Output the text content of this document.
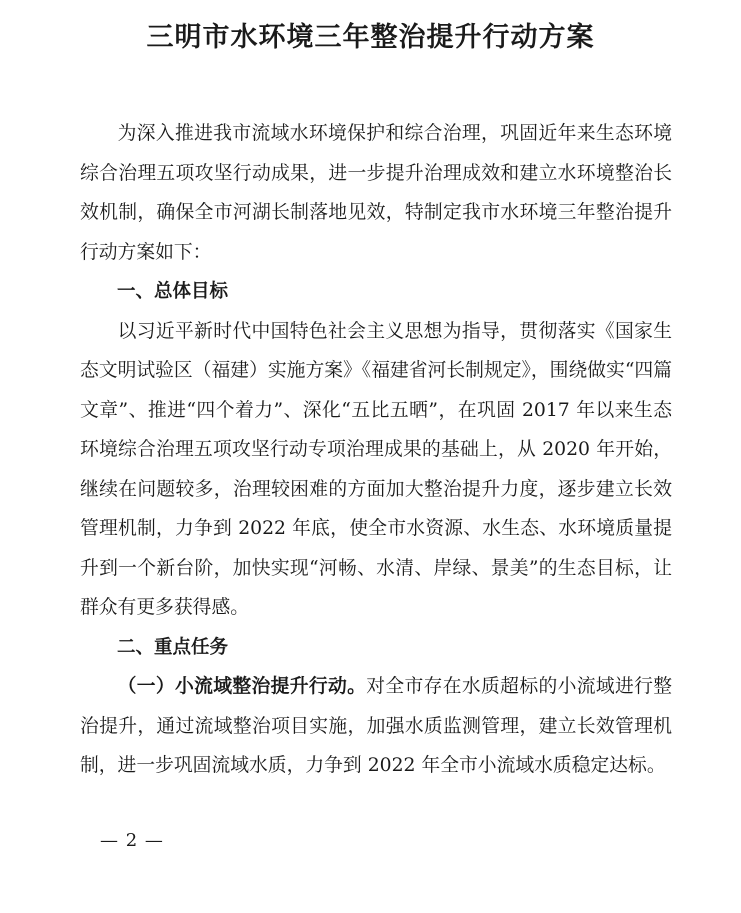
三明市水环境三年整治提升行动方案

为深入推进我市流域水环境保护和综合治理，巩固近年来生态环境综合治理五项攻坚行动成果，进一步提升治理成效和建立水环境整治长效机制，确保全市河湖长制落地见效，特制定我市水环境三年整治提升行动方案如下：

一、总体目标

以习近平新时代中国特色社会主义思想为指导，贯彻落实《国家生态文明试验区（福建）实施方案》《福建省河长制规定》，围绕做实“四篇文章”、推进“四个着力”、深化“五比五晒”，在巩固 2017 年以来生态环境综合治理五项攻坚行动专项治理成果的基础上，从 2020 年开始，继续在问题较多，治理较困难的方面加大整治提升力度，逐步建立长效管理机制，力争到 2022 年底，使全市水资源、水生态、水环境质量提升到一个新台阶，加快实现“河畅、水清、岸绿、景美”的生态目标，让群众有更多获得感。

二、重点任务

（一）小流域整治提升行动。对全市存在水质超标的小流域进行整治提升，通过流域整治项目实施，加强水质监测管理，建立长效管理机制，进一步巩固流域水质，力争到 2022 年全市小流域水质稳定达标。

— 2 —
